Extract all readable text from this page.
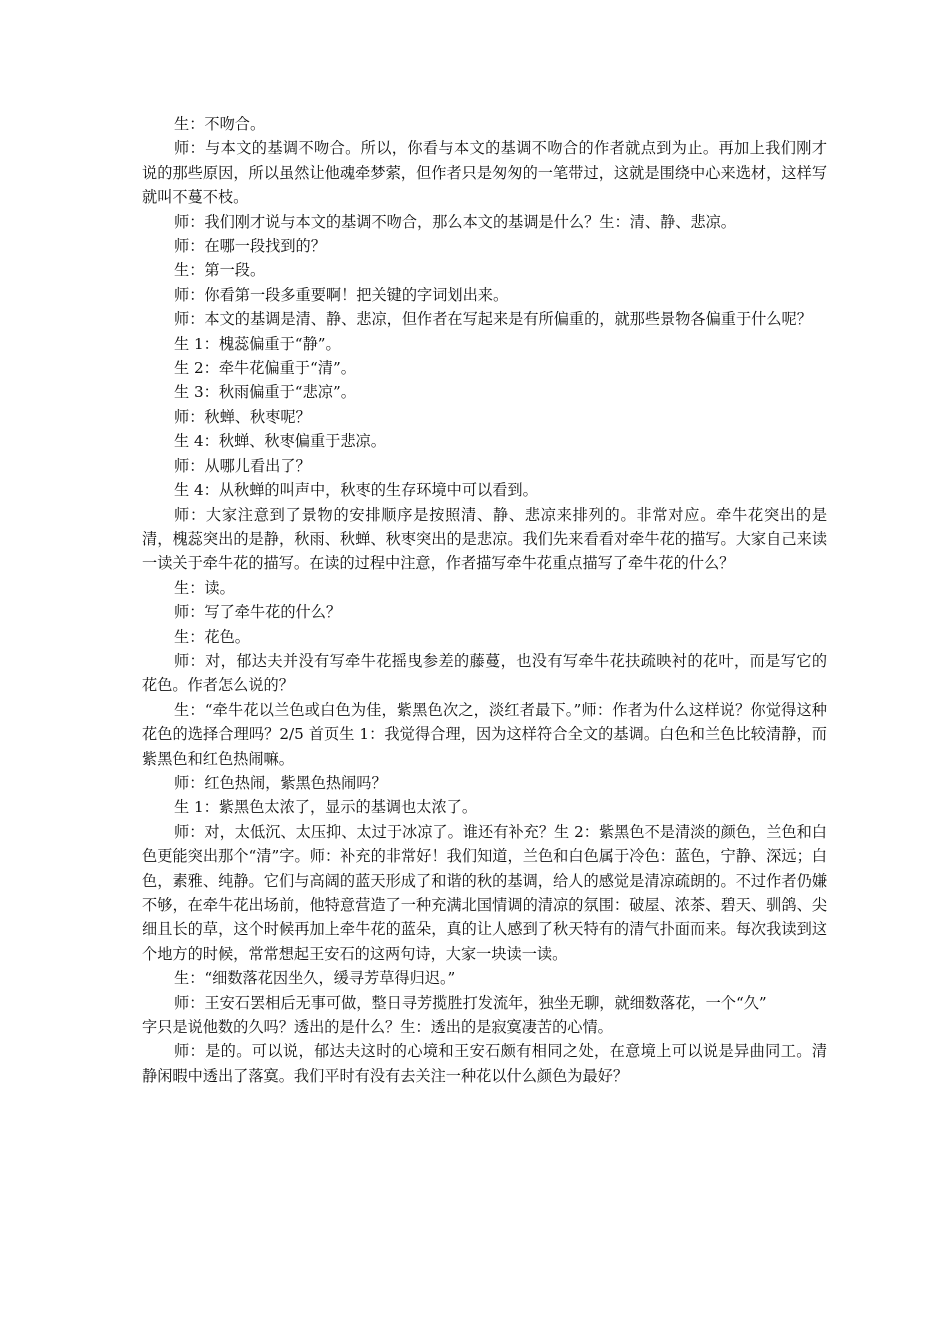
生：不吻合。

师：与本文的基调不吻合。所以，你看与本文的基调不吻合的作者就点到为止。再加上我们刚才说的那些原因，所以虽然让他魂牵梦萦，但作者只是匆匆的一笔带过，这就是围绕中心来选材，这样写就叫不蔓不枝。

师：我们刚才说与本文的基调不吻合，那么本文的基调是什么？生：清、静、悲凉。

师：在哪一段找到的？

生：第一段。

师：你看第一段多重要啊！把关键的字词划出来。

师：本文的基调是清、静、悲凉，但作者在写起来是有所偏重的，就那些景物各偏重于什么呢？

生 1：槐蕊偏重于“静”。

生 2：牵牛花偏重于“清”。

生 3：秋雨偏重于“悲凉”。

师：秋蝉、秋枣呢？

生 4：秋蝉、秋枣偏重于悲凉。

师：从哪儿看出了？

生 4：从秋蝉的叫声中，秋枣的生存环境中可以看到。

师：大家注意到了景物的安排顺序是按照清、静、悲凉来排列的。非常对应。牵牛花突出的是清，槐蕊突出的是静，秋雨、秋蝉、秋枣突出的是悲凉。我们先来看看对牵牛花的描写。大家自己来读一读关于牵牛花的描写。在读的过程中注意，作者描写牵牛花重点描写了牵牛花的什么？

生：读。

师：写了牵牛花的什么？

生：花色。

师：对，郁达夫并没有写牵牛花摇曳参差的藤蔓，也没有写牵牛花扶疏映衬的花叶，而是写它的花色。作者怎么说的？

生：“牵牛花以兰色或白色为佳，紫黑色次之，淡红者最下。”师：作者为什么这样说？你觉得这种花色的选择合理吗？2/5 首页生 1：我觉得合理，因为这样符合全文的基调。白色和兰色比较清静，而紫黑色和红色热闹嘛。

师：红色热闹，紫黑色热闹吗？

生 1：紫黑色太浓了，显示的基调也太浓了。

师：对，太低沉、太压抑、太过于冰凉了。谁还有补充？生 2：紫黑色不是清淡的颜色，兰色和白色更能突出那个“清”字。师：补充的非常好！我们知道，兰色和白色属于冷色：蓝色，宁静、深远；白色，素雅、纯静。它们与高阔的蓝天形成了和谐的秋的基调，给人的感觉是清凉疏朗的。不过作者仍嫌不够，在牵牛花出场前，他特意营造了一种充满北国情调的清凉的氛围：破屋、浓茶、碧天、驯鸽、尖细且长的草，这个时候再加上牵牛花的蓝朵，真的让人感到了秋天特有的清气扑面而来。每次我读到这个地方的时候，常常想起王安石的这两句诗，大家一块读一读。

生：“细数落花因坐久，缓寻芳草得归迟。”

师：王安石罢相后无事可做，整日寻芳揽胜打发流年，独坐无聊，就细数落花，一个“久”

字只是说他数的久吗？透出的是什么？生：透出的是寂寞凄苦的心情。

师：是的。可以说，郁达夫这时的心境和王安石颇有相同之处，在意境上可以说是异曲同工。清静闲暇中透出了落寞。我们平时有没有去关注一种花以什么颜色为最好？
